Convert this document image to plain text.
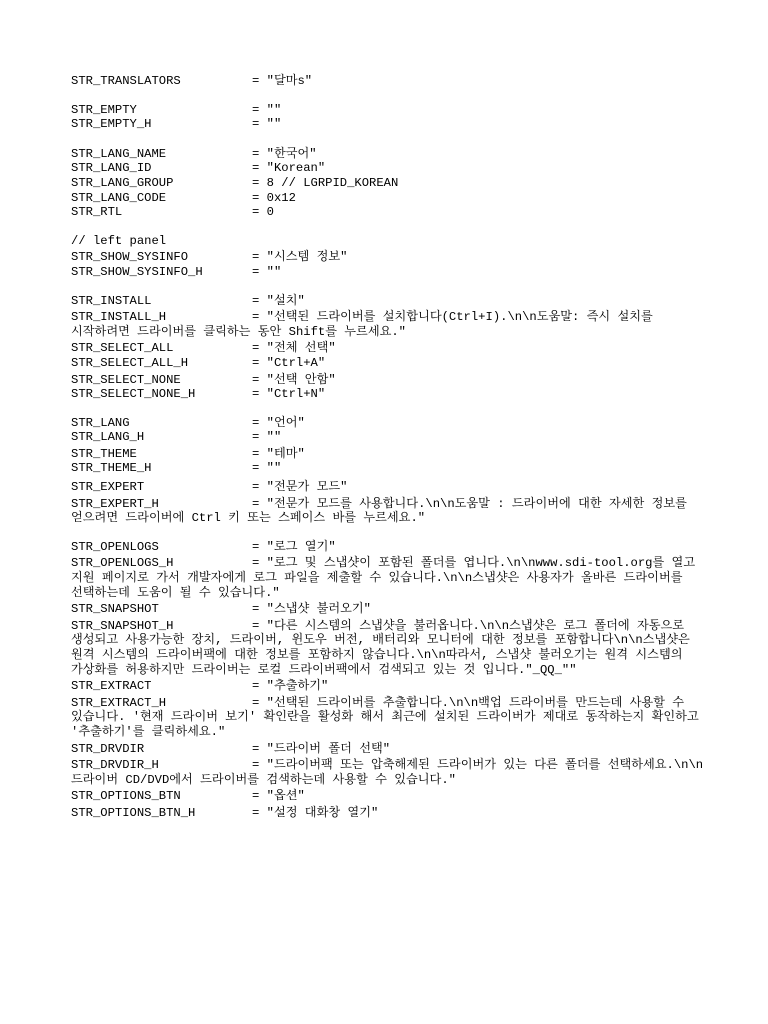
STR_TRANSLATORS	= "달마s"
STR_EMPTY	= ""
STR_EMPTY_H	= ""
STR_LANG_NAME	= "한국어"
STR_LANG_ID	= "Korean"
STR_LANG_GROUP	= 8 // LGRPID_KOREAN
STR_LANG_CODE	= 0x12
STR_RTL	= 0
// left panel
STR_SHOW_SYSINFO	= "시스템 정보"
STR_SHOW_SYSINFO_H	= ""
STR_INSTALL	= "설치"
STR_INSTALL_H	= "선택된 드라이버를 설치합니다(Ctrl+I).\n\n도움말: 즉시 설치를
시작하려면 드라이버를 클릭하는 동안 Shift를 누르세요."
STR_SELECT_ALL	= "전체 선택"
STR_SELECT_ALL_H	= "Ctrl+A"
STR_SELECT_NONE	= "선택 안함"
STR_SELECT_NONE_H	= "Ctrl+N"
STR_LANG	= "언어"
STR_LANG_H	= ""
STR_THEME	= "테마"
STR_THEME_H	= ""
STR_EXPERT	= "전문가 모드"
STR_EXPERT_H	= "전문가 모드를 사용합니다.\n\n도움말 : 드라이버에 대한 자세한 정보를
얻으려면 드라이버에 Ctrl 키 또는 스페이스 바를 누르세요."
STR_OPENLOGS	= "로그 열기"
STR_OPENLOGS_H	= "로그 및 스냅샷이 포함된 폴더를 엽니다.\n\nwww.sdi-tool.org를 열고
지원 페이지로 가서 개발자에게 로그 파일을 제출할 수 있습니다.\n\n스냅샷은 사용자가 올바른 드라이버를
선택하는데 도움이 될 수 있습니다."
STR_SNAPSHOT	= "스냅샷 불러오기"
STR_SNAPSHOT_H	= "다른 시스템의 스냅샷을 불러옵니다.\n\n스냅샷은 로그 폴더에 자동으로
생성되고 사용가능한 장치, 드라이버, 윈도우 버전, 배터리와 모니터에 대한 정보를 포함합니다\n\n스냅샷은
원격 시스템의 드라이버팩에 대한 정보를 포함하지 않습니다.\n\n따라서, 스냅샷 불러오기는 원격 시스템의
가상화를 허용하지만 드라이버는 로컬 드라이버팩에서 검색되고 있는 것 입니다."_QQ_""
STR_EXTRACT	= "추출하기"
STR_EXTRACT_H	= "선택된 드라이버를 추출합니다.\n\n백업 드라이버를 만드는데 사용할 수
있습니다. '현재 드라이버 보기' 확인란을 활성화 해서 최근에 설치된 드라이버가 제대로 동작하는지 확인하고
'추출하기'를 클릭하세요."
STR_DRVDIR	= "드라이버 폴더 선택"
STR_DRVDIR_H	= "드라이버팩 또는 압축해제된 드라이버가 있는 다른 폴더를 선택하세요.\n\n
드라이버 CD/DVD에서 드라이버를 검색하는데 사용할 수 있습니다."
STR_OPTIONS_BTN	= "옵션"
STR_OPTIONS_BTN_H	= "설정 대화창 열기"
